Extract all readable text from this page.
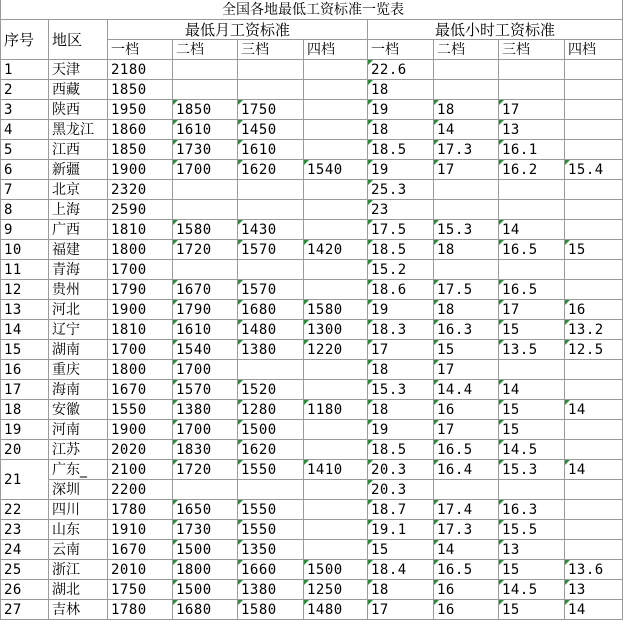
全国各地最低工资标准一览表									
序号	地区	最低月工资标准				最低小时工资标准			
		一档	二档	三档	四档	一档	二档	三档	四档
1	天津	2180				22.6			
2	西藏	1850				18			
3	陕西	1950	1850	1750		19	18	17	
4	黑龙江	1860	1610	1450		18	14	13	
5	江西	1850	1730	1610		18.5	17.3	16.1	
6	新疆	1900	1700	1620	1540	19	17	16.2	15.4
7	北京	2320				25.3			
8	上海	2590				23			
9	广西	1810	1580	1430		17.5	15.3	14	
10	福建	1800	1720	1570	1420	18.5	18	16.5	15
11	青海	1700				15.2			
12	贵州	1790	1670	1570		18.6	17.5	16.5	
13	河北	1900	1790	1680	1580	19	18	17	16
14	辽宁	1810	1610	1480	1300	18.3	16.3	15	13.2
15	湖南	1700	1540	1380	1220	17	15	13.5	12.5
16	重庆	1800	1700			18	17		
17	海南	1670	1570	1520		15.3	14.4	14	
18	安徽	1550	1380	1280	1180	18	16	15	14
19	河南	1900	1700	1500		19	17	15	
20	江苏	2020	1830	1620		18.5	16.5	14.5	
21	广东_	2100	1720	1550	1410	20.3	16.4	15.3	14
	深圳	2200				20.3			
22	四川	1780	1650	1550		18.7	17.4	16.3	
23	山东	1910	1730	1550		19.1	17.3	15.5	
24	云南	1670	1500	1350		15	14	13	
25	浙江	2010	1800	1660	1500	18.4	16.5	15	13.6
26	湖北	1750	1500	1380	1250	18	16	14.5	13
27	吉林	1780	1680	1580	1480	17	16	15	14
